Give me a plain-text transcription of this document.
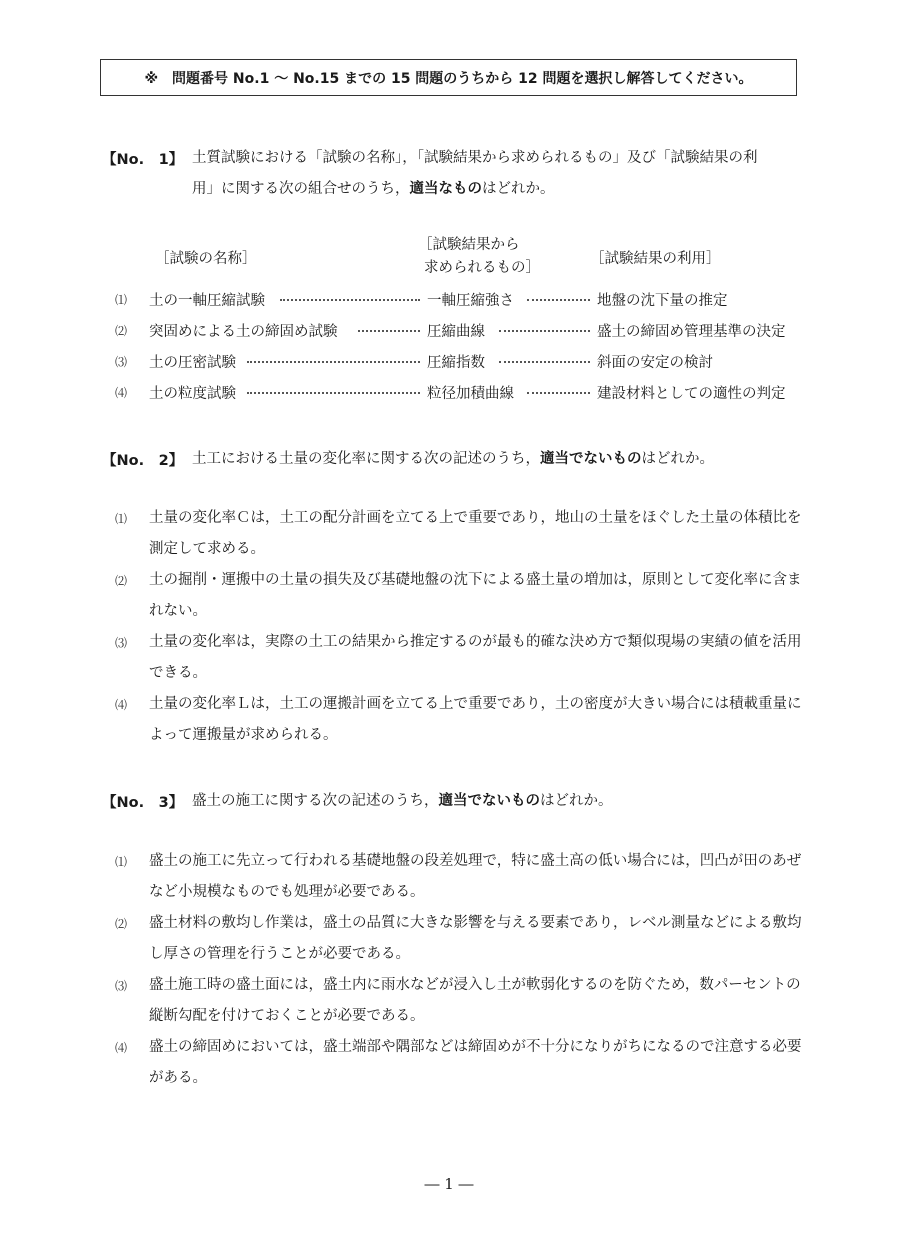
※　問題番号 No.1 〜 No.15 までの 15 問題のうちから 12 問題を選択し解答してください。
【No.　1】 土質試験における「試験の名称」，「試験結果から求められるもの」及び「試験結果の利
用」に関する次の組合せのうち，適当なものはどれか。
［試験の名称］
［試験結果から
求められるもの］
［試験結果の利用］
⑴ 土の一軸圧縮試験	一軸圧縮強さ	地盤の沈下量の推定
⑵ 突固めによる土の締固め試験	圧縮曲線	盛土の締固め管理基準の決定
⑶ 土の圧密試験	圧縮指数	斜面の安定の検討
⑷ 土の粒度試験	粒径加積曲線	建設材料としての適性の判定
【No.　2】 土工における土量の変化率に関する次の記述のうち，適当でないものはどれか。
⑴ 土量の変化率Ｃは，土工の配分計画を立てる上で重要であり，地山の土量をほぐした土量の体積比を測定して求める。
⑵ 土の掘削・運搬中の土量の損失及び基礎地盤の沈下による盛土量の増加は，原則として変化率に含まれない。
⑶ 土量の変化率は，実際の土工の結果から推定するのが最も的確な決め方で類似現場の実績の値を活用できる。
⑷ 土量の変化率Ｌは，土工の運搬計画を立てる上で重要であり，土の密度が大きい場合には積載重量によって運搬量が求められる。
【No.　3】 盛土の施工に関する次の記述のうち，適当でないものはどれか。
⑴ 盛土の施工に先立って行われる基礎地盤の段差処理で，特に盛土高の低い場合には，凹凸が田のあぜなど小規模なものでも処理が必要である。
⑵ 盛土材料の敷均し作業は，盛土の品質に大きな影響を与える要素であり，レベル測量などによる敷均し厚さの管理を行うことが必要である。
⑶ 盛土施工時の盛土面には，盛土内に雨水などが浸入し土が軟弱化するのを防ぐため，数パーセントの縦断勾配を付けておくことが必要である。
⑷ 盛土の締固めにおいては，盛土端部や隅部などは締固めが不十分になりがちになるので注意する必要がある。
― 1 ―
